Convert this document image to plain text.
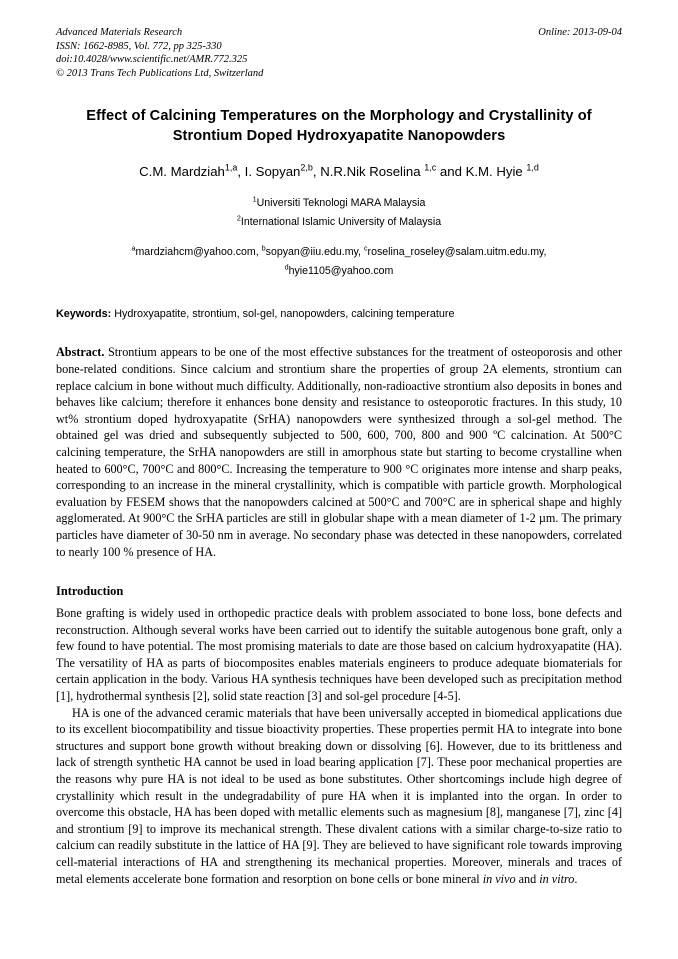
Advanced Materials Research
ISSN: 1662-8985, Vol. 772, pp 325-330
doi:10.4028/www.scientific.net/AMR.772.325
© 2013 Trans Tech Publications Ltd, Switzerland
Online: 2013-09-04
Effect of Calcining Temperatures on the Morphology and Crystallinity of
Strontium Doped Hydroxyapatite Nanopowders
C.M. Mardziah$^{1,a}$, I. Sopyan$^{2,b}$, N.R.Nik Roselina $^{1,c}$ and K.M. Hyie $^{1,d}$
$^1$Universiti Teknologi MARA Malaysia
$^2$International Islamic University of Malaysia
$^a$mardziahcm@yahoo.com, $^b$sopyan@iiu.edu.my, $^c$roselina_roseley@salam.uitm.edu.my,
$^d$hyie1105@yahoo.com
Keywords: Hydroxyapatite, strontium, sol-gel, nanopowders, calcining temperature
Abstract. Strontium appears to be one of the most effective substances for the treatment of osteoporosis and other bone-related conditions. Since calcium and strontium share the properties of group 2A elements, strontium can replace calcium in bone without much difficulty. Additionally, non-radioactive strontium also deposits in bones and behaves like calcium; therefore it enhances bone density and resistance to osteoporotic fractures. In this study, 10 wt% strontium doped hydroxyapatite (SrHA) nanopowders were synthesized through a sol-gel method. The obtained gel was dried and subsequently subjected to 500, 600, 700, 800 and 900 ºC calcination. At 500°C calcining temperature, the SrHA nanopowders are still in amorphous state but starting to become crystalline when heated to 600°C, 700°C and 800°C. Increasing the temperature to 900 °C originates more intense and sharp peaks, corresponding to an increase in the mineral crystallinity, which is compatible with particle growth. Morphological evaluation by FESEM shows that the nanopowders calcined at 500°C and 700°C are in spherical shape and highly agglomerated. At 900°C the SrHA particles are still in globular shape with a mean diameter of 1-2 µm. The primary particles have diameter of 30-50 nm in average. No secondary phase was detected in these nanopowders, correlated to nearly 100 % presence of HA.
Introduction
Bone grafting is widely used in orthopedic practice deals with problem associated to bone loss, bone defects and reconstruction. Although several works have been carried out to identify the suitable autogenous bone graft, only a few found to have potential. The most promising materials to date are those based on calcium hydroxyapatite (HA). The versatility of HA as parts of biocomposites enables materials engineers to produce adequate biomaterials for certain application in the body. Various HA synthesis techniques have been developed such as precipitation method [1], hydrothermal synthesis [2], solid state reaction [3] and sol-gel procedure [4-5].
HA is one of the advanced ceramic materials that have been universally accepted in biomedical applications due to its excellent biocompatibility and tissue bioactivity properties. These properties permit HA to integrate into bone structures and support bone growth without breaking down or dissolving [6]. However, due to its brittleness and lack of strength synthetic HA cannot be used in load bearing application [7]. These poor mechanical properties are the reasons why pure HA is not ideal to be used as bone substitutes. Other shortcomings include high degree of crystallinity which result in the undegradability of pure HA when it is implanted into the organ. In order to overcome this obstacle, HA has been doped with metallic elements such as magnesium [8], manganese [7], zinc [4] and strontium [9] to improve its mechanical strength. These divalent cations with a similar charge-to-size ratio to calcium can readily substitute in the lattice of HA [9]. They are believed to have significant role towards improving cell-material interactions of HA and strengthening its mechanical properties. Moreover, minerals and traces of metal elements accelerate bone formation and resorption on bone cells or bone mineral in vivo and in vitro.
